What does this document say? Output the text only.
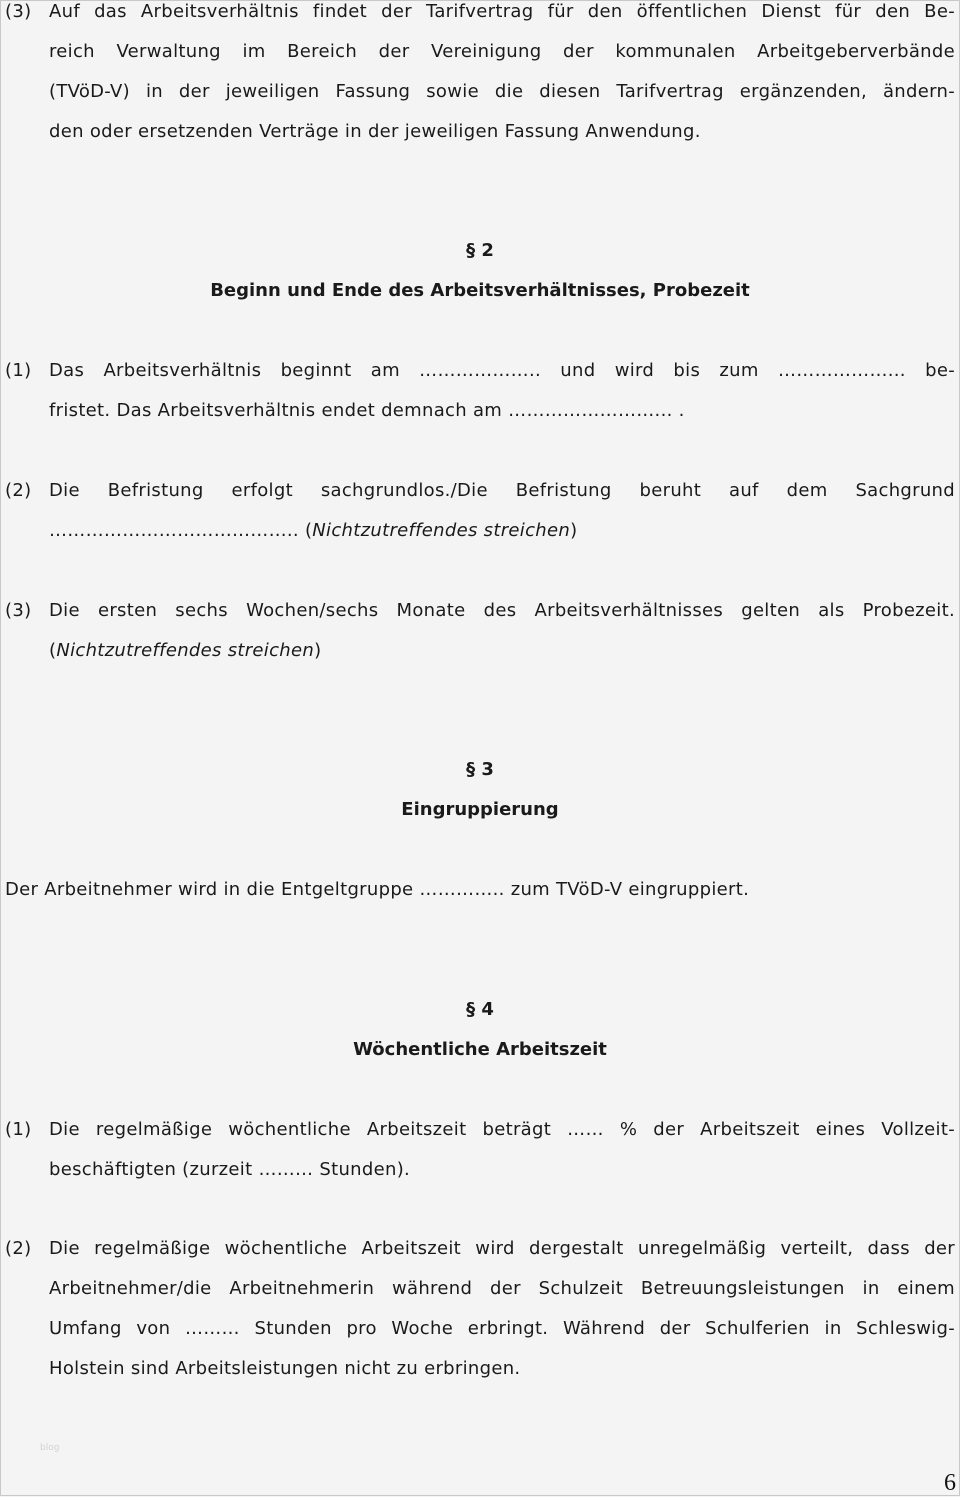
(3) Auf das Arbeitsverhältnis findet der Tarifvertrag für den öffentlichen Dienst für den Be-
reich Verwaltung im Bereich der Vereinigung der kommunalen Arbeitgeberverbände
(TVöD-V) in der jeweiligen Fassung sowie die diesen Tarifvertrag ergänzenden, ändern-
den oder ersetzenden Verträge in der jeweiligen Fassung Anwendung.
§ 2
Beginn und Ende des Arbeitsverhältnisses, Probezeit
(1) Das Arbeitsverhältnis beginnt am ……………….. und wird bis zum ………………... be-
fristet. Das Arbeitsverhältnis endet demnach am ……………………... .
(2) Die Befristung erfolgt sachgrundlos./Die Befristung beruht auf dem Sachgrund
………………………………….. (Nichtzutreffendes streichen)
(3) Die ersten sechs Wochen/sechs Monate des Arbeitsverhältnisses gelten als Probezeit.
(Nichtzutreffendes streichen)
§ 3
Eingruppierung
Der Arbeitnehmer wird in die Entgeltgruppe ………….. zum TVöD-V eingruppiert.
§ 4
Wöchentliche Arbeitszeit
(1) Die regelmäßige wöchentliche Arbeitszeit beträgt …… % der Arbeitszeit eines Vollzeit-
beschäftigten (zurzeit ……… Stunden).
(2) Die regelmäßige wöchentliche Arbeitszeit wird dergestalt unregelmäßig verteilt, dass der
Arbeitnehmer/die Arbeitnehmerin während der Schulzeit Betreuungsleistungen in einem
Umfang von ……… Stunden pro Woche erbringt. Während der Schulferien in Schleswig-
Holstein sind Arbeitsleistungen nicht zu erbringen.
blog
6
